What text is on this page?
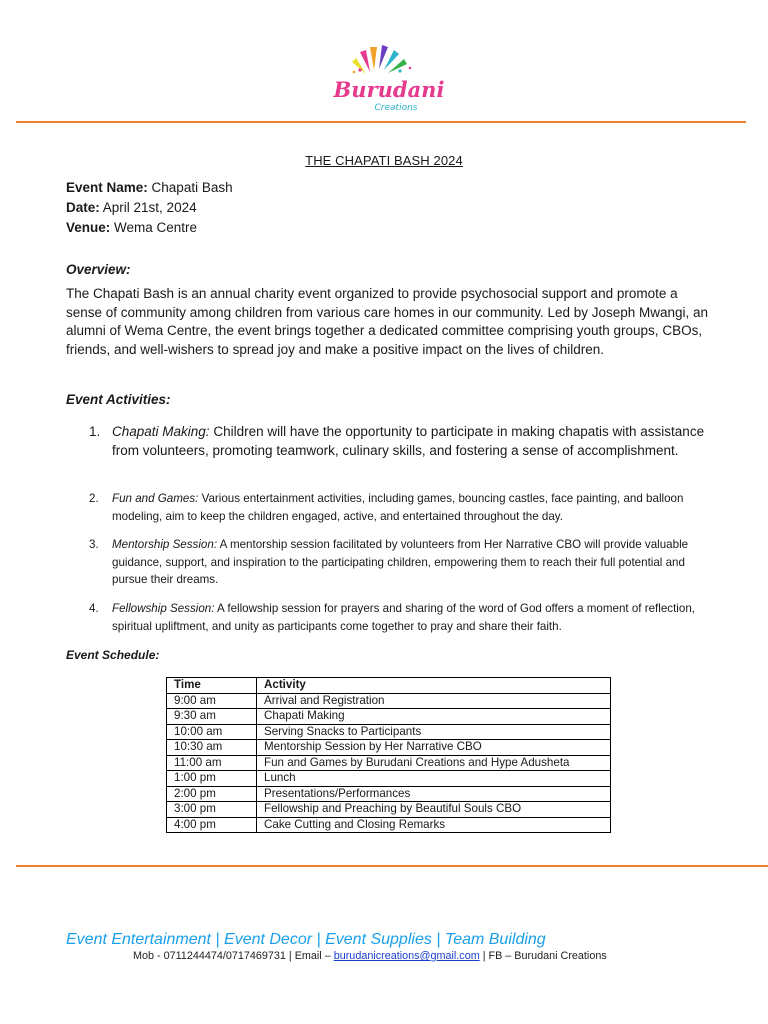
Burudani
Creations
THE CHAPATI BASH 2024
Event Name: Chapati Bash
Date: April 21st, 2024
Venue: Wema Centre
Overview:
The Chapati Bash is an annual charity event organized to provide psychosocial support and promote a sense of community among children from various care homes in our community. Led by Joseph Mwangi, an alumni of Wema Centre, the event brings together a dedicated committee comprising youth groups, CBOs, friends, and well-wishers to spread joy and make a positive impact on the lives of children.
Event Activities:
1. Chapati Making: Children will have the opportunity to participate in making chapatis with assistance from volunteers, promoting teamwork, culinary skills, and fostering a sense of accomplishment.
2. Fun and Games: Various entertainment activities, including games, bouncing castles, face painting, and balloon modeling, aim to keep the children engaged, active, and entertained throughout the day.
3. Mentorship Session: A mentorship session facilitated by volunteers from Her Narrative CBO will provide valuable guidance, support, and inspiration to the participating children, empowering them to reach their full potential and pursue their dreams.
4. Fellowship Session: A fellowship session for prayers and sharing of the word of God offers a moment of reflection, spiritual upliftment, and unity as participants come together to pray and share their faith.
Event Schedule:
Time	Activity
9:00 am	Arrival and Registration
9:30 am	Chapati Making
10:00 am	Serving Snacks to Participants
10:30 am	Mentorship Session by Her Narrative CBO
11:00 am	Fun and Games by Burudani Creations and Hype Adusheta
1:00 pm	Lunch
2:00 pm	Presentations/Performances
3:00 pm	Fellowship and Preaching by Beautiful Souls CBO
4:00 pm	Cake Cutting and Closing Remarks
Event Entertainment | Event Decor | Event Supplies | Team Building
Mob - 0711244474/0717469731 | Email – burudanicreations@gmail.com | FB – Burudani Creations
